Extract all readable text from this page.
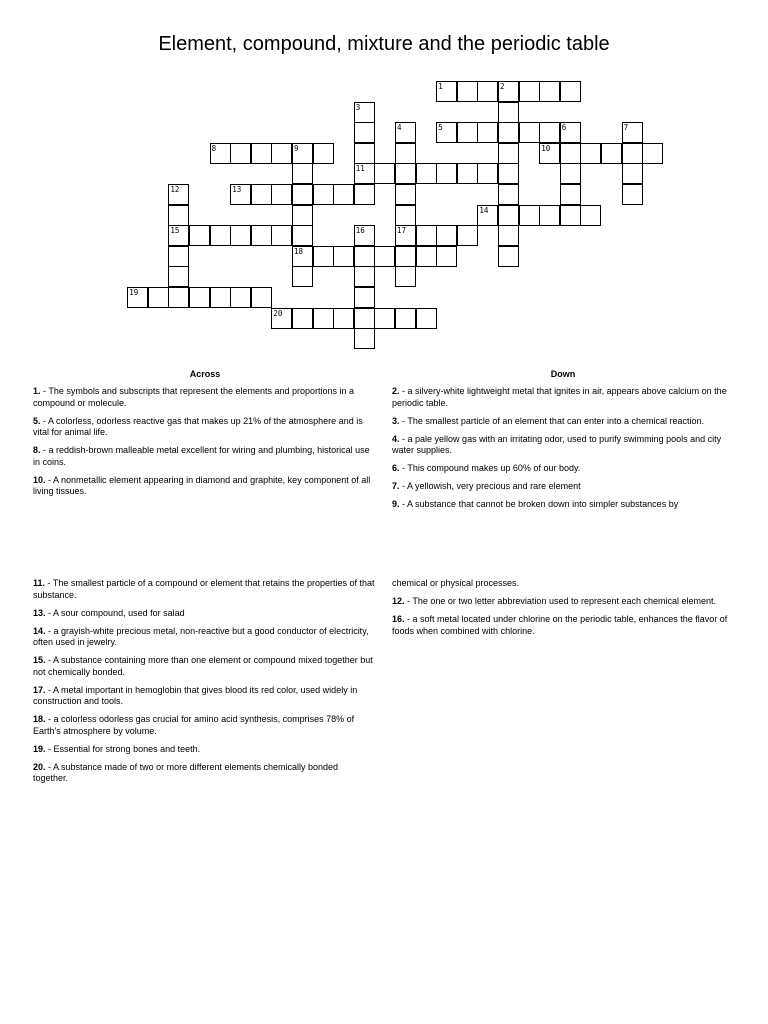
Element, compound, mixture and the periodic table
1	2
3
11
4
17
5	6	7
8	9
18
10
12
15
13
14
16
19
20
Across	Down

1. - The symbols and subscripts that represent the elements and proportions in a compound or molecule.

5. - A colorless, odorless reactive gas that makes up 21% of the atmosphere and is vital for animal life.

8. - a reddish-brown malleable metal excellent for wiring and plumbing, historical use in coins.

10. - A nonmetallic element appearing in diamond and graphite, key component of all living tissues.

11. - The smallest particle of a compound or element that retains the properties of that substance.

13. - A sour compound, used for salad

14. - a grayish-white precious metal, non-reactive but a good conductor of electricity, often used in jewelry.

15. - A substance containing more than one element or compound mixed together but not chemically bonded.

17. - A metal important in hemoglobin that gives blood its red color, used widely in construction and tools.

18. - a colorless odorless gas crucial for amino acid synthesis, comprises 78% of Earth's atmosphere by volume.

19. - Essential for strong bones and teeth.

20. - A substance made of two or more different elements chemically bonded together.

2. - a silvery-white lightweight metal that ignites in air, appears above calcium on the periodic table.

3. - The smallest particle of an element that can enter into a chemical reaction.

4. - a pale yellow gas with an irritating odor, used to purify swimming pools and city water supplies.

6. - This compound makes up 60% of our body.

7. - A yellowish, very precious and rare element

9. - A substance that cannot be broken down into simpler substances by

chemical or physical processes.

12. - The one or two letter abbreviation used to represent each chemical element.

16. - a soft metal located under chlorine on the periodic table, enhances the flavor of foods when combined with chlorine.
